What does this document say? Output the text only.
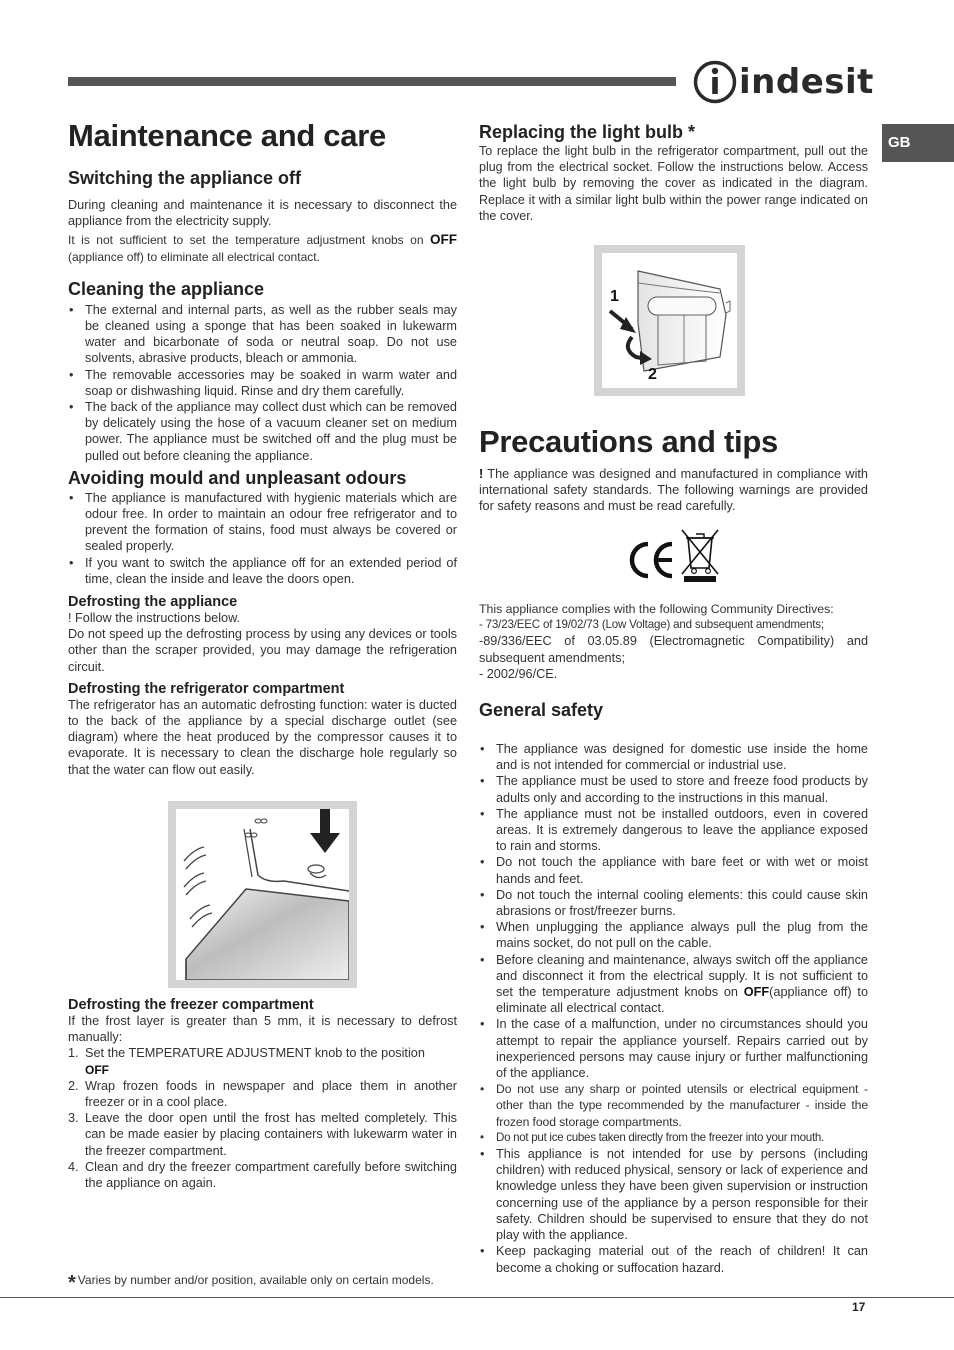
indesit
GB
Maintenance and care
Switching the appliance off

During cleaning and maintenance it is necessary to disconnect the appliance from the electricity supply.

It is not sufficient to set the temperature adjustment knobs on OFF (appliance off) to eliminate all electrical contact.

Cleaning the appliance
• The external and internal parts, as well as the rubber seals may be cleaned using a sponge that has been soaked in lukewarm water and bicarbonate of soda or neutral soap. Do not use solvents, abrasive products, bleach or ammonia.
• The removable accessories may be soaked in warm water and soap or dishwashing liquid. Rinse and dry them carefully.
• The back of the appliance may collect dust which can be removed by delicately using the hose of a vacuum cleaner set on medium power. The appliance must be switched off and the plug must be pulled out before cleaning the appliance.
Avoiding mould and unpleasant odours
• The appliance is manufactured with hygienic materials which are odour free. In order to maintain an odour free refrigerator and to prevent the formation of stains, food must always be covered or sealed properly.
• If you want to switch the appliance off for an extended period of time, clean the inside and leave the doors open.
Defrosting the appliance

! Follow the instructions below.

Do not speed up the defrosting process by using any devices or tools other than the scraper provided, you may damage the refrigeration circuit.

Defrosting the refrigerator compartment

The refrigerator has an automatic defrosting function: water is ducted to the back of the appliance by a special discharge outlet (see diagram) where the heat produced by the compressor causes it to evaporate. It is necessary to clean the discharge hole regularly so that the water can flow out easily.

Defrosting the freezer compartment

If the frost layer is greater than 5 mm, it is necessary to defrost manually:

1. Set the TEMPERATURE ADJUSTMENT knob to the position
OFF
2. Wrap frozen foods in newspaper and place them in another freezer or in a cool place.
3. Leave the door open until the frost has melted completely. This can be made easier by placing containers with lukewarm water in the freezer compartment.
4. Clean and dry the freezer compartment carefully before switching the appliance on again.
Replacing the light bulb *

To replace the light bulb in the refrigerator compartment, pull out the plug from the electrical socket. Follow the instructions below. Access the light bulb by removing the cover as indicated in the diagram. Replace it with a similar light bulb within the power range indicated on the cover.

1
2
Precautions and tips

! The appliance was designed and manufactured in compliance with international safety standards. The following warnings are provided for safety reasons and must be read carefully.

CE

This appliance complies with the following Community Directives:

- 73/23/EEC of 19/02/73 (Low Voltage) and subsequent amendments;

-89/336/EEC of 03.05.89 (Electromagnetic Compatibility) and subsequent amendments;

- 2002/96/CE.

General safety
• The appliance was designed for domestic use inside the home and is not intended for commercial or industrial use.
• The appliance must be used to store and freeze food products by adults only and according to the instructions in this manual.
• The appliance must not be installed outdoors, even in covered areas. It is extremely dangerous to leave the appliance exposed to rain and storms.
• Do not touch the appliance with bare feet or with wet or moist hands and feet.
• Do not touch the internal cooling elements: this could cause skin abrasions or frost/freezer burns.
• When unplugging the appliance always pull the plug from the mains socket, do not pull on the cable.
• Before cleaning and maintenance, always switch off the appliance and disconnect it from the electrical supply. It is not sufficient to set the temperature adjustment knobs on OFF(appliance off) to eliminate all electrical contact.
• In the case of a malfunction, under no circumstances should you attempt to repair the appliance yourself. Repairs carried out by inexperienced persons may cause injury or further malfunctioning of the appliance.
• Do not use any sharp or pointed utensils or electrical equipment - other than the type recommended by the manufacturer - inside the frozen food storage compartments.
• Do not put ice cubes taken directly from the freezer into your mouth.
• This appliance is not intended for use by persons (including children) with reduced physical, sensory or lack of experience and knowledge unless they have been given supervision or instruction concerning use of the appliance by a person responsible for their safety. Children should be supervised to ensure that they do not play with the appliance.
• Keep packaging material out of the reach of children! It can become a choking or suffocation hazard.
* Varies by number and/or position, available only on certain models.
17
